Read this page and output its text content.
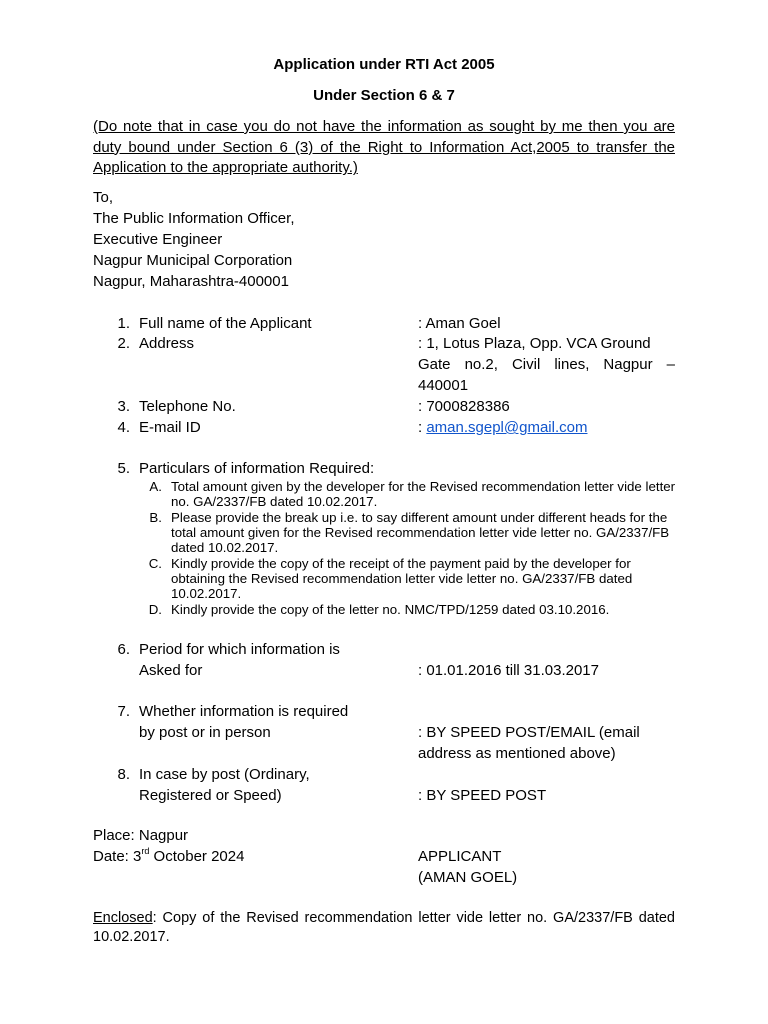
Application under RTI Act 2005
Under Section 6 & 7
(Do note that in case you do not have the information as sought by me then you are duty bound under Section 6 (3) of the Right to Information Act,2005 to transfer the Application to the appropriate authority.)
To,
The Public Information Officer,
Executive Engineer
Nagpur Municipal Corporation
Nagpur, Maharashtra-400001
1. Full name of the Applicant	: Aman Goel
2. Address	: 1, Lotus Plaza, Opp. VCA Ground
Gate no.2, Civil lines, Nagpur –
440001
3. Telephone No.	: 7000828386
4. E-mail ID	: aman.sgepl@gmail.com
5. Particulars of information Required:
A. Total amount given by the developer for the Revised recommendation letter vide letter no. GA/2337/FB dated 10.02.2017.
B. Please provide the break up i.e. to say different amount under different heads for the total amount given for the Revised recommendation letter vide letter no. GA/2337/FB dated 10.02.2017.
C. Kindly provide the copy of the receipt of the payment paid by the developer for obtaining the Revised recommendation letter vide letter no. GA/2337/FB dated 10.02.2017.
D. Kindly provide the copy of the letter no. NMC/TPD/1259 dated 03.10.2016.
6. Period for which information is
Asked for	: 01.01.2016 till 31.03.2017
7. Whether information is required
by post or in person	: BY SPEED POST/EMAIL (email
address as mentioned above)
8. In case by post (Ordinary,
Registered or Speed)	: BY SPEED POST
Place: Nagpur
Date: 3rd October 2024	APPLICANT
(AMAN GOEL)
Enclosed: Copy of the Revised recommendation letter vide letter no. GA/2337/FB dated 10.02.2017.
